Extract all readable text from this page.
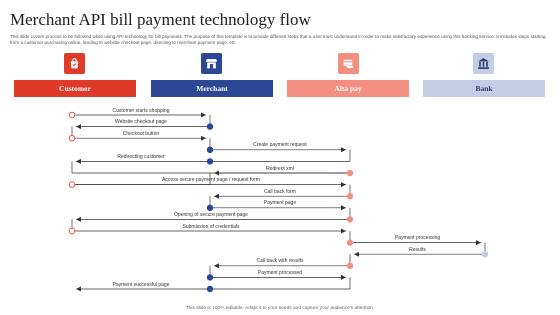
Merchant API bill payment technology flow
This slide covers process to be followed while using API technology for bill payments. The purpose of this template is to provide different steps that a user must understand in order to make satisfactory experience using this banking service. It includes steps starting from a customer purchasing online, landing to website checkout page, directing to merchant payment page, etc.
Customer	Merchant	Alta pay	Bank
Customer starts shopping
Website checkout page
Checkout button
Create payment request
Redirecting customer
Redirect xml
Access secure payment page / request form
Call back form
Payment page
Opening of secure payment page
Submission of credentials
Payment processing
Results
Call back with results
Payment processed
Payment successful page
This slide is 100% editable. Adapt it to your needs and capture your audience's attention.
